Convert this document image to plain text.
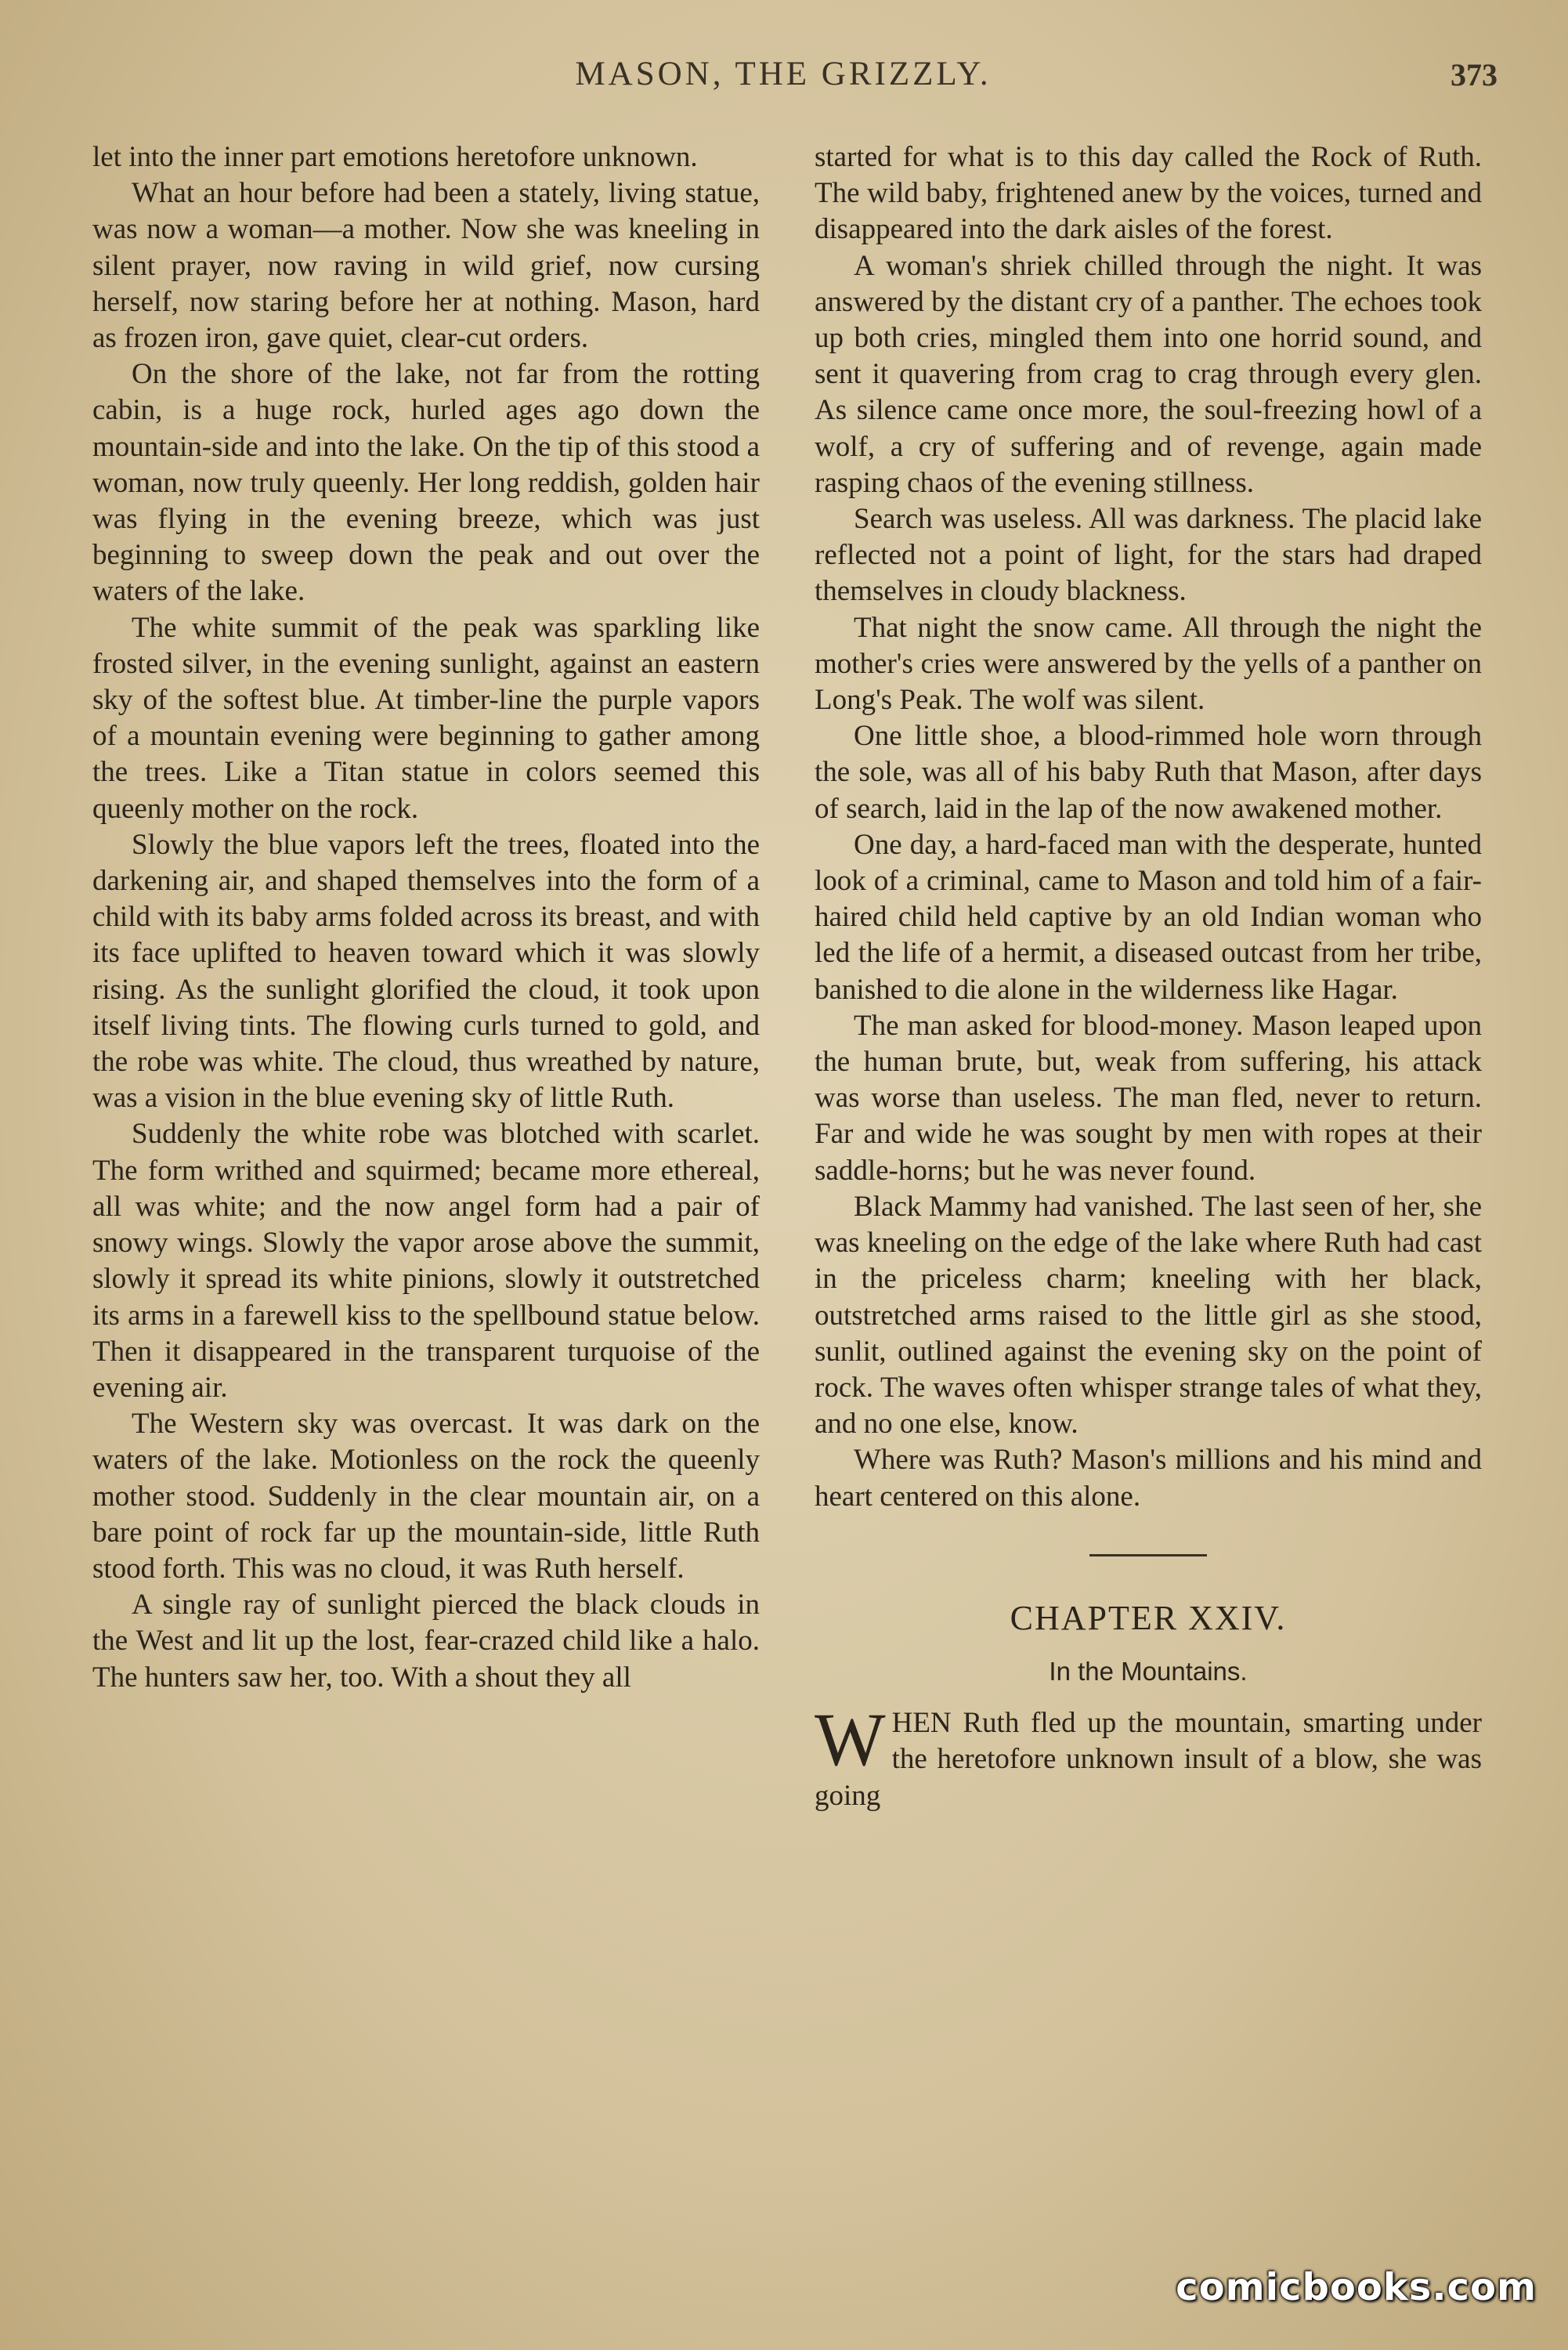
MASON, THE GRIZZLY.	373

let into the inner part emotions heretofore unknown.

What an hour before had been a stately, living statue, was now a woman—a mother. Now she was kneeling in silent prayer, now raving in wild grief, now cursing herself, now staring before her at nothing. Mason, hard as frozen iron, gave quiet, clear-cut orders.

On the shore of the lake, not far from the rotting cabin, is a huge rock, hurled ages ago down the mountain-side and into the lake. On the tip of this stood a woman, now truly queenly. Her long reddish, golden hair was flying in the evening breeze, which was just beginning to sweep down the peak and out over the waters of the lake.

The white summit of the peak was sparkling like frosted silver, in the evening sunlight, against an eastern sky of the softest blue. At timber-line the purple vapors of a mountain evening were beginning to gather among the trees. Like a Titan statue in colors seemed this queenly mother on the rock.

Slowly the blue vapors left the trees, floated into the darkening air, and shaped themselves into the form of a child with its baby arms folded across its breast, and with its face uplifted to heaven toward which it was slowly rising. As the sunlight glorified the cloud, it took upon itself living tints. The flowing curls turned to gold, and the robe was white. The cloud, thus wreathed by nature, was a vision in the blue evening sky of little Ruth.

Suddenly the white robe was blotched with scarlet. The form writhed and squirmed; became more ethereal, all was white; and the now angel form had a pair of snowy wings. Slowly the vapor arose above the summit, slowly it spread its white pinions, slowly it outstretched its arms in a farewell kiss to the spellbound statue below. Then it disappeared in the transparent turquoise of the evening air.

The Western sky was overcast. It was dark on the waters of the lake. Motionless on the rock the queenly mother stood. Suddenly in the clear mountain air, on a bare point of rock far up the mountain-side, little Ruth stood forth. This was no cloud, it was Ruth herself.

A single ray of sunlight pierced the black clouds in the West and lit up the lost, fear-crazed child like a halo. The hunters saw her, too. With a shout they all

started for what is to this day called the Rock of Ruth. The wild baby, frightened anew by the voices, turned and disappeared into the dark aisles of the forest.

A woman's shriek chilled through the night. It was answered by the distant cry of a panther. The echoes took up both cries, mingled them into one horrid sound, and sent it quavering from crag to crag through every glen. As silence came once more, the soul-freezing howl of a wolf, a cry of suffering and of revenge, again made rasping chaos of the evening stillness.

Search was useless. All was darkness. The placid lake reflected not a point of light, for the stars had draped themselves in cloudy blackness.

That night the snow came. All through the night the mother's cries were answered by the yells of a panther on Long's Peak. The wolf was silent.

One little shoe, a blood-rimmed hole worn through the sole, was all of his baby Ruth that Mason, after days of search, laid in the lap of the now awakened mother.

One day, a hard-faced man with the desperate, hunted look of a criminal, came to Mason and told him of a fair-haired child held captive by an old Indian woman who led the life of a hermit, a diseased outcast from her tribe, banished to die alone in the wilderness like Hagar.

The man asked for blood-money. Mason leaped upon the human brute, but, weak from suffering, his attack was worse than useless. The man fled, never to return. Far and wide he was sought by men with ropes at their saddle-horns; but he was never found.

Black Mammy had vanished. The last seen of her, she was kneeling on the edge of the lake where Ruth had cast in the priceless charm; kneeling with her black, outstretched arms raised to the little girl as she stood, sunlit, outlined against the evening sky on the point of rock. The waves often whisper strange tales of what they, and no one else, know.

Where was Ruth? Mason's millions and his mind and heart centered on this alone.

CHAPTER XXIV.
In the Mountains.

WHEN Ruth fled up the mountain, smarting under the heretofore unknown insult of a blow, she was going

comicbooks.com
